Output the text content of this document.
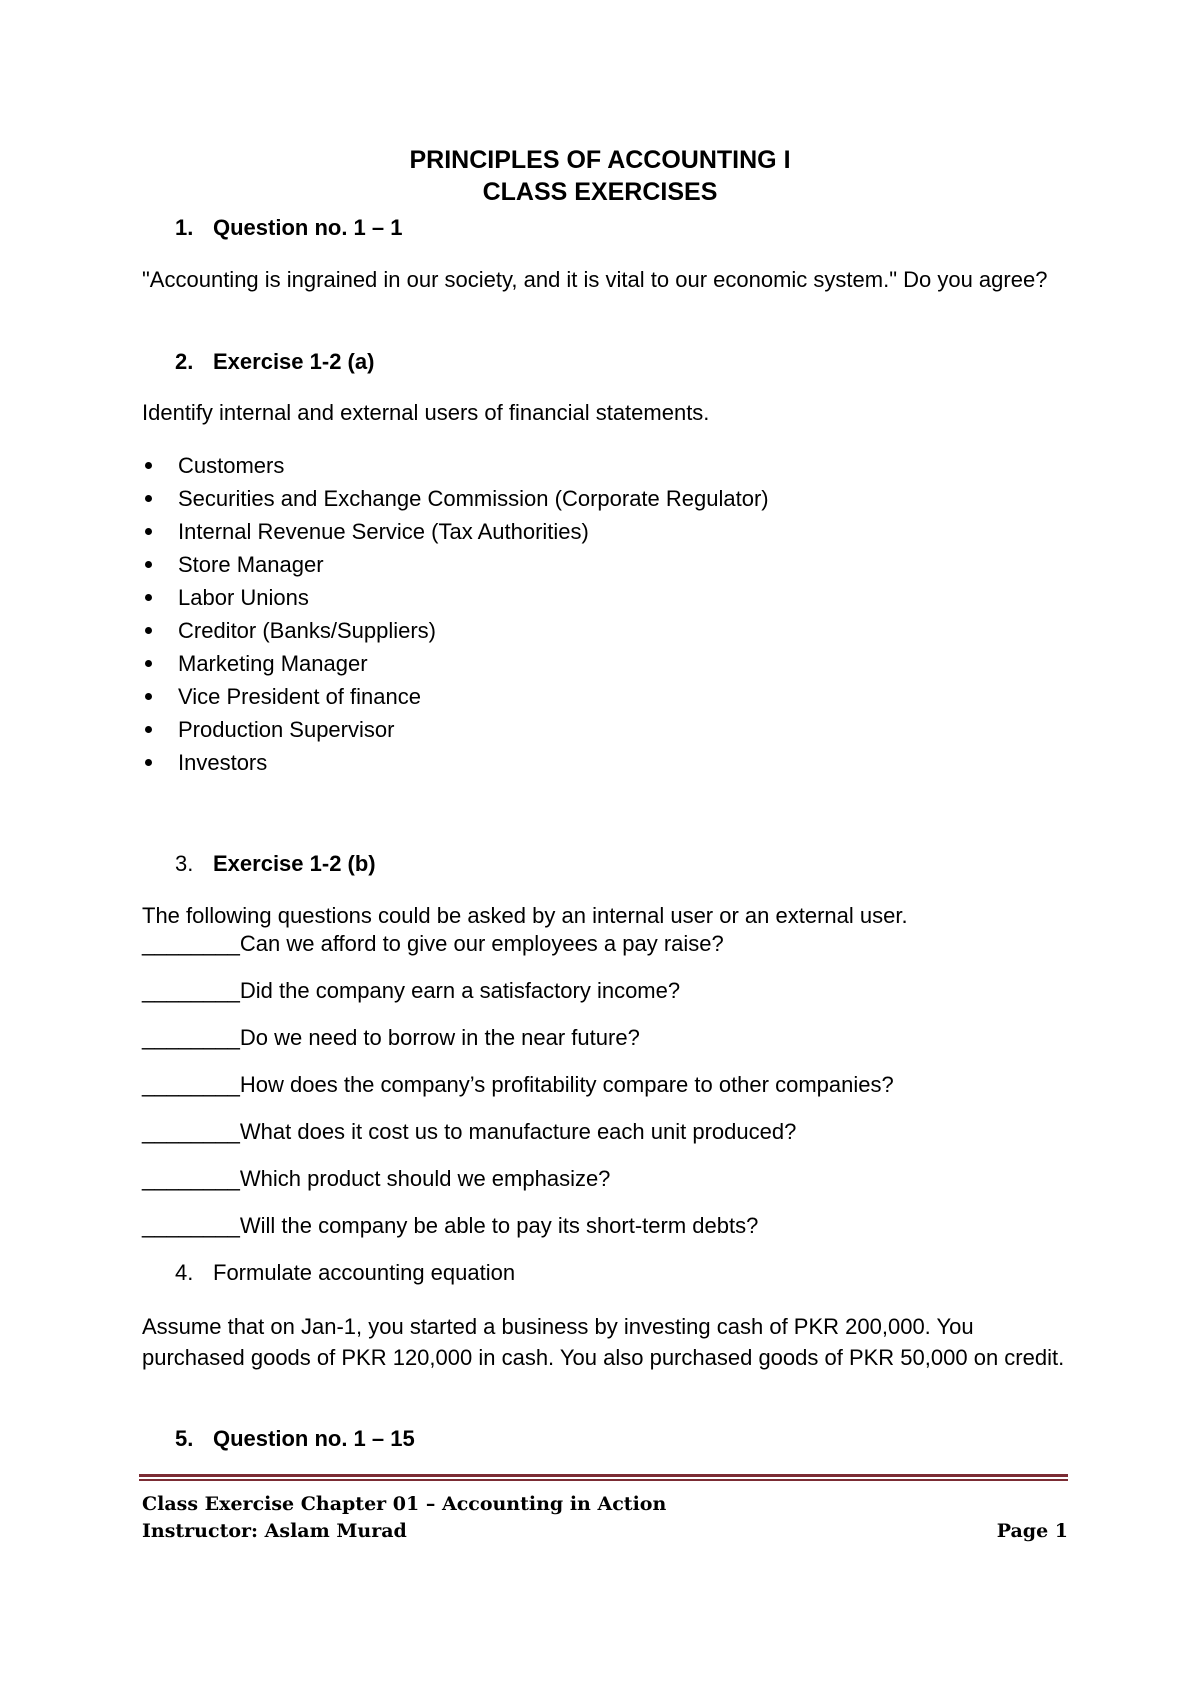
PRINCIPLES OF ACCOUNTING I

CLASS EXERCISES

1. Question no. 1 – 1

"Accounting is ingrained in our society, and it is vital to our economic system." Do you agree?

2. Exercise 1-2 (a)

Identify internal and external users of financial statements.

Customers
Securities and Exchange Commission (Corporate Regulator)
Internal Revenue Service (Tax Authorities)
Store Manager
Labor Unions
Creditor (Banks/Suppliers)
Marketing Manager
Vice President of finance
Production Supervisor
Investors
3. Exercise 1-2 (b)

The following questions could be asked by an internal user or an external user.

________Can we afford to give our employees a pay raise?
________Did the company earn a satisfactory income?
________Do we need to borrow in the near future?
________How does the company’s profitability compare to other companies?
________What does it cost us to manufacture each unit produced?
________Which product should we emphasize?
________Will the company be able to pay its short-term debts?
4. Formulate accounting equation

Assume that on Jan-1, you started a business by investing cash of PKR 200,000. You purchased goods of PKR 120,000 in cash. You also purchased goods of PKR 50,000 on credit.

5. Question no. 1 – 15
Class Exercise Chapter 01 – Accounting in Action
Instructor: Aslam Murad	Page 1
